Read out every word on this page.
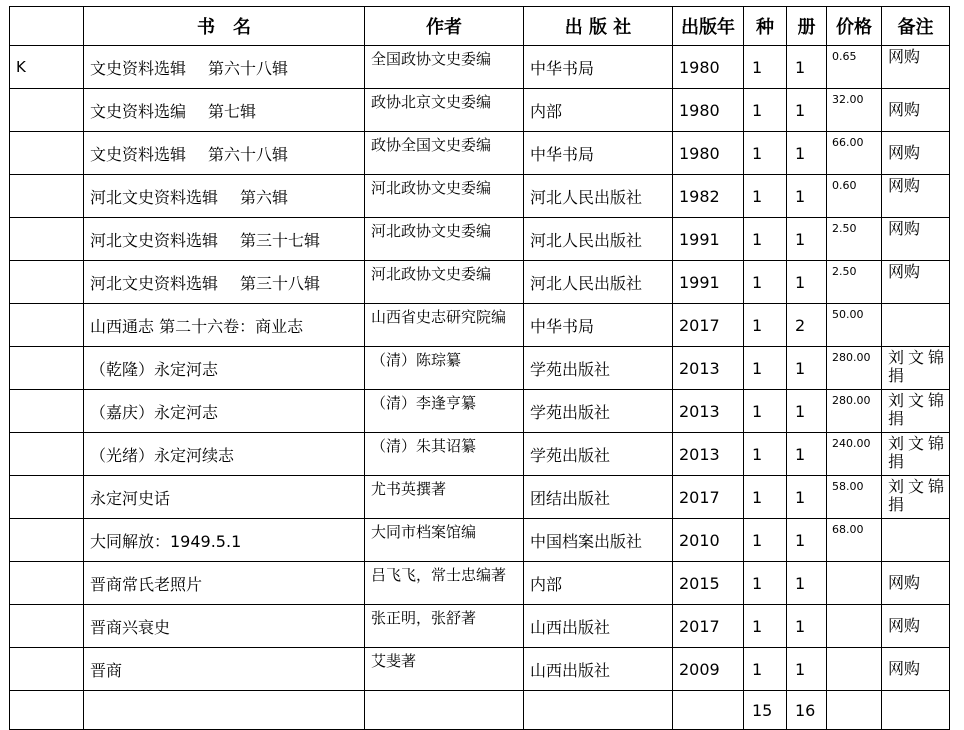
	书　名	作者	出 版 社	出版年	种	册	价格	备注
K	文史资料选辑 第六十八辑	全国政协文史委编	中华书局	1980	1	1	0.65	网购
	文史资料选编 第七辑	政协北京文史委编	内部	1980	1	1	32.00	网购
	文史资料选辑 第六十八辑	政协全国文史委编	中华书局	1980	1	1	66.00	网购
	河北文史资料选辑 第六辑	河北政协文史委编	河北人民出版社	1982	1	1	0.60	网购
	河北文史资料选辑 第三十七辑	河北政协文史委编	河北人民出版社	1991	1	1	2.50	网购
	河北文史资料选辑 第三十八辑	河北政协文史委编	河北人民出版社	1991	1	1	2.50	网购
	山西通志 第二十六卷：商业志	山西省史志研究院编	中华书局	2017	1	2	50.00	
	（乾隆）永定河志	（清）陈琮纂	学苑出版社	2013	1	1	280.00	刘文锦捐
	（嘉庆）永定河志	（清）李逢亨纂	学苑出版社	2013	1	1	280.00	刘文锦捐
	（光绪）永定河续志	（清）朱其诏纂	学苑出版社	2013	1	1	240.00	刘文锦捐
	永定河史话	尤书英撰著	团结出版社	2017	1	1	58.00	刘文锦捐
	大同解放：1949.5.1	大同市档案馆编	中国档案出版社	2010	1	1	68.00	
	晋商常氏老照片	吕飞飞，常士忠编著	内部	2015	1	1		网购
	晋商兴衰史	张正明，张舒著	山西出版社	2017	1	1		网购
	晋商	艾斐著	山西出版社	2009	1	1		网购
					15	16		
